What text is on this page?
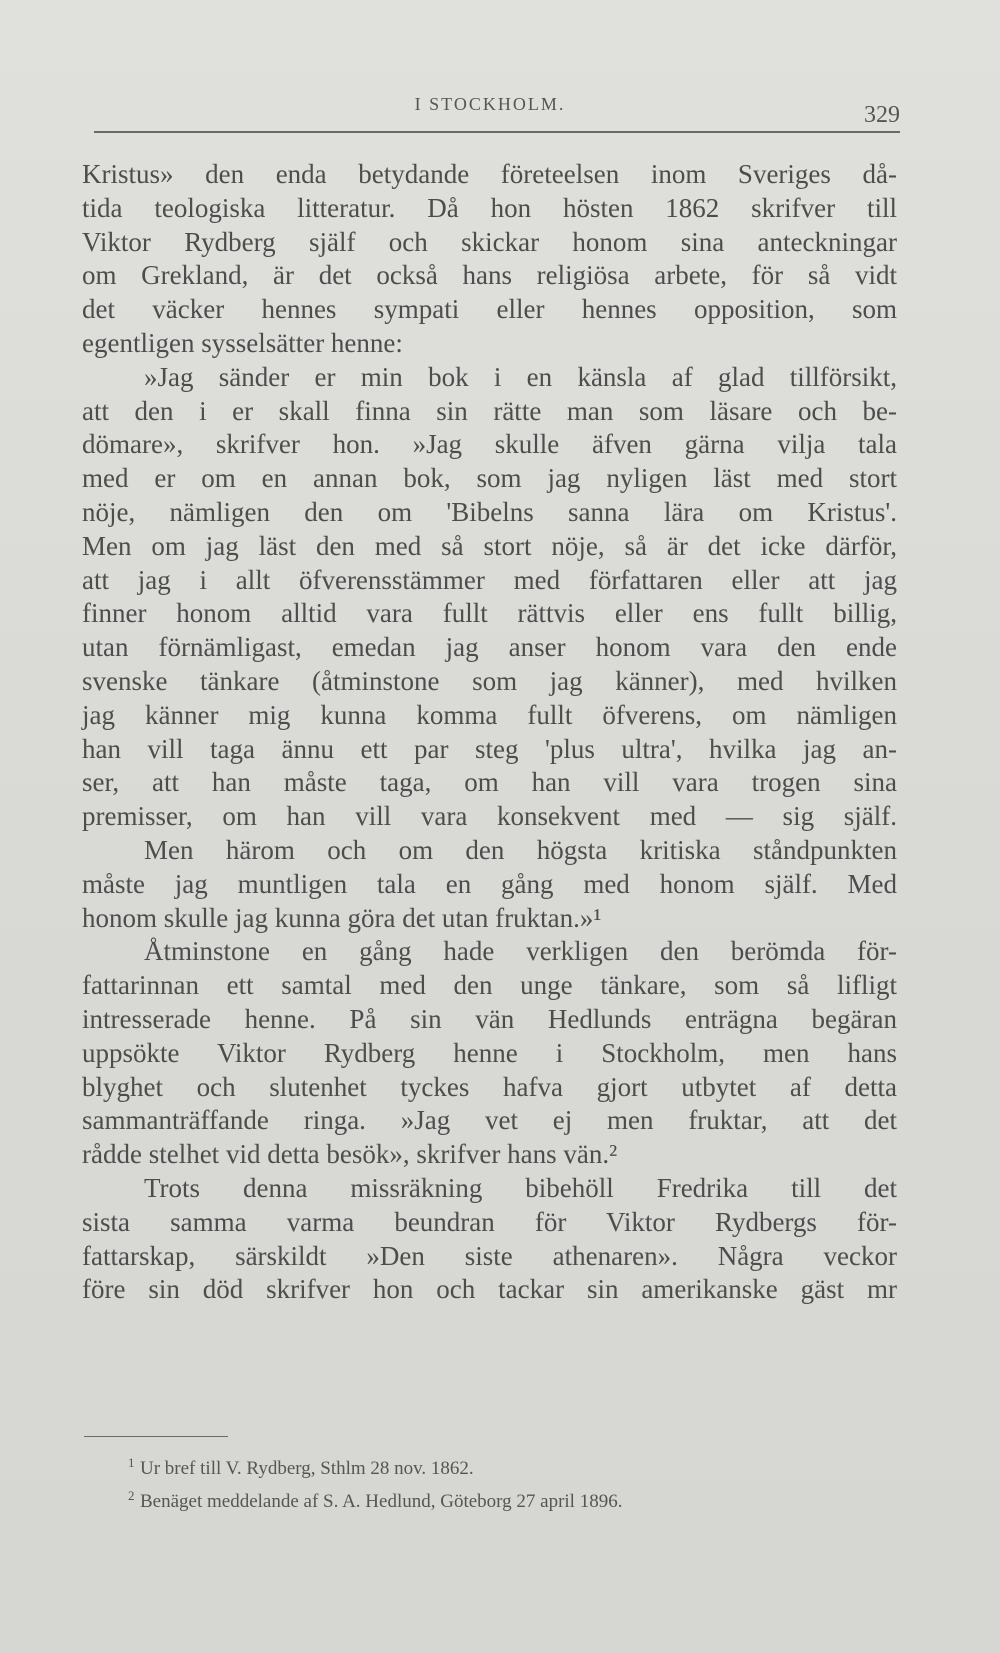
I STOCKHOLM.	329
Kristus» den enda betydande företeelsen inom Sveriges då-
tida teologiska litteratur. Då hon hösten 1862 skrifver till
Viktor Rydberg själf och skickar honom sina anteckningar
om Grekland, är det också hans religiösa arbete, för så vidt
det väcker hennes sympati eller hennes opposition, som
egentligen sysselsätter henne:
»Jag sänder er min bok i en känsla af glad tillförsikt,
att den i er skall finna sin rätte man som läsare och be-
dömare», skrifver hon. »Jag skulle äfven gärna vilja tala
med er om en annan bok, som jag nyligen läst med stort
nöje, nämligen den om 'Bibelns sanna lära om Kristus'.
Men om jag läst den med så stort nöje, så är det icke därför,
att jag i allt öfverensstämmer med författaren eller att jag
finner honom alltid vara fullt rättvis eller ens fullt billig,
utan förnämligast, emedan jag anser honom vara den ende
svenske tänkare (åtminstone som jag känner), med hvilken
jag känner mig kunna komma fullt öfverens, om nämligen
han vill taga ännu ett par steg 'plus ultra', hvilka jag an-
ser, att han måste taga, om han vill vara trogen sina
premisser, om han vill vara konsekvent med — sig själf.
Men härom och om den högsta kritiska ståndpunkten
måste jag muntligen tala en gång med honom själf. Med
honom skulle jag kunna göra det utan fruktan.»¹
Åtminstone en gång hade verkligen den berömda för-
fattarinnan ett samtal med den unge tänkare, som så lifligt
intresserade henne. På sin vän Hedlunds enträgna begäran
uppsökte Viktor Rydberg henne i Stockholm, men hans
blyghet och slutenhet tyckes hafva gjort utbytet af detta
sammanträffande ringa. »Jag vet ej men fruktar, att det
rådde stelhet vid detta besök», skrifver hans vän.²
Trots denna missräkning bibehöll Fredrika till det
sista samma varma beundran för Viktor Rydbergs för-
fattarskap, särskildt »Den siste athenaren». Några veckor
före sin död skrifver hon och tackar sin amerikanske gäst mr
1 Ur bref till V. Rydberg, Sthlm 28 nov. 1862.
2 Benäget meddelande af S. A. Hedlund, Göteborg 27 april 1896.
